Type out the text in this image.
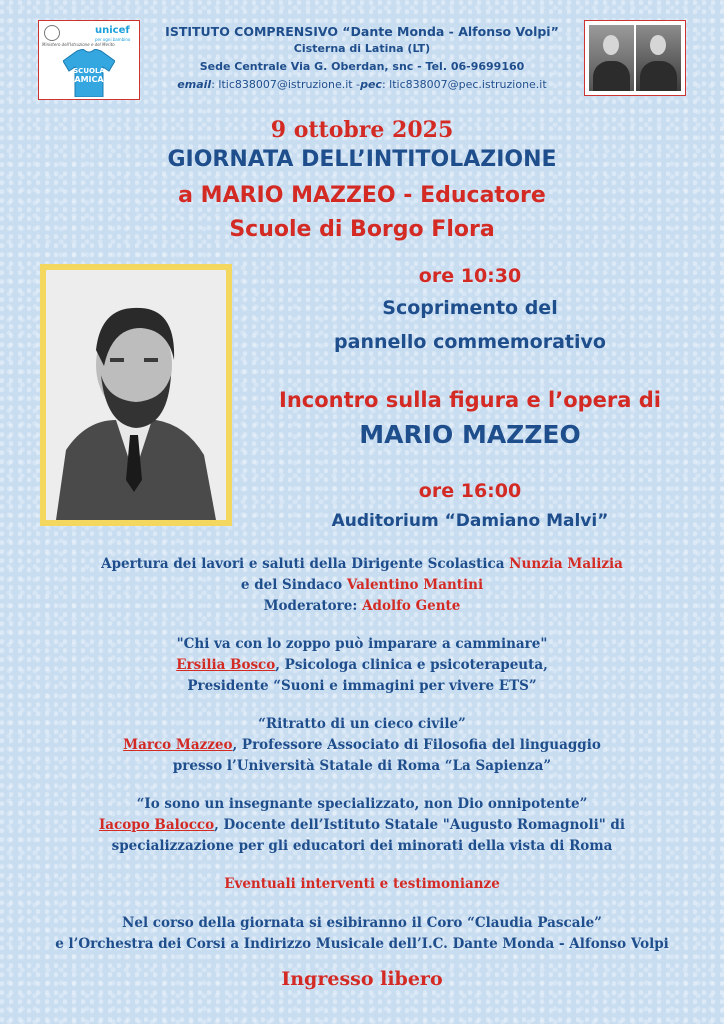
Ministero dell'Istruzione e del Merito
unicef
per ogni bambino
SCUOLA
AMICA
ISTITUTO COMPRENSIVO “Dante Monda - Alfonso Volpi”
Cisterna di Latina (LT)
Sede Centrale Via G. Oberdan, snc - Tel. 06-9699160
email: ltic838007@istruzione.it -pec: ltic838007@pec.istruzione.it
9 ottobre 2025
GIORNATA DELL’INTITOLAZIONE
a MARIO MAZZEO - Educatore
Scuole di Borgo Flora
ore 10:30
Scoprimento del
pannello commemorativo
Incontro sulla figura e l’opera di
MARIO MAZZEO
ore 16:00
Auditorium “Damiano Malvi”
Apertura dei lavori e saluti della Dirigente Scolastica Nunzia Malizia
e del Sindaco Valentino Mantini
Moderatore: Adolfo Gente
"Chi va con lo zoppo può imparare a camminare"
Ersilia Bosco, Psicologa clinica e psicoterapeuta,
Presidente “Suoni e immagini per vivere ETS”
“Ritratto di un cieco civile”
Marco Mazzeo, Professore Associato di Filosofia del linguaggio
presso l’Università Statale di Roma “La Sapienza”
“Io sono un insegnante specializzato, non Dio onnipotente”
Iacopo Balocco, Docente dell’Istituto Statale "Augusto Romagnoli" di
specializzazione per gli educatori dei minorati della vista di Roma
Eventuali interventi e testimonianze
Nel corso della giornata si esibiranno il Coro “Claudia Pascale”
e l’Orchestra dei Corsi a Indirizzo Musicale dell’I.C. Dante Monda - Alfonso Volpi
Ingresso libero
